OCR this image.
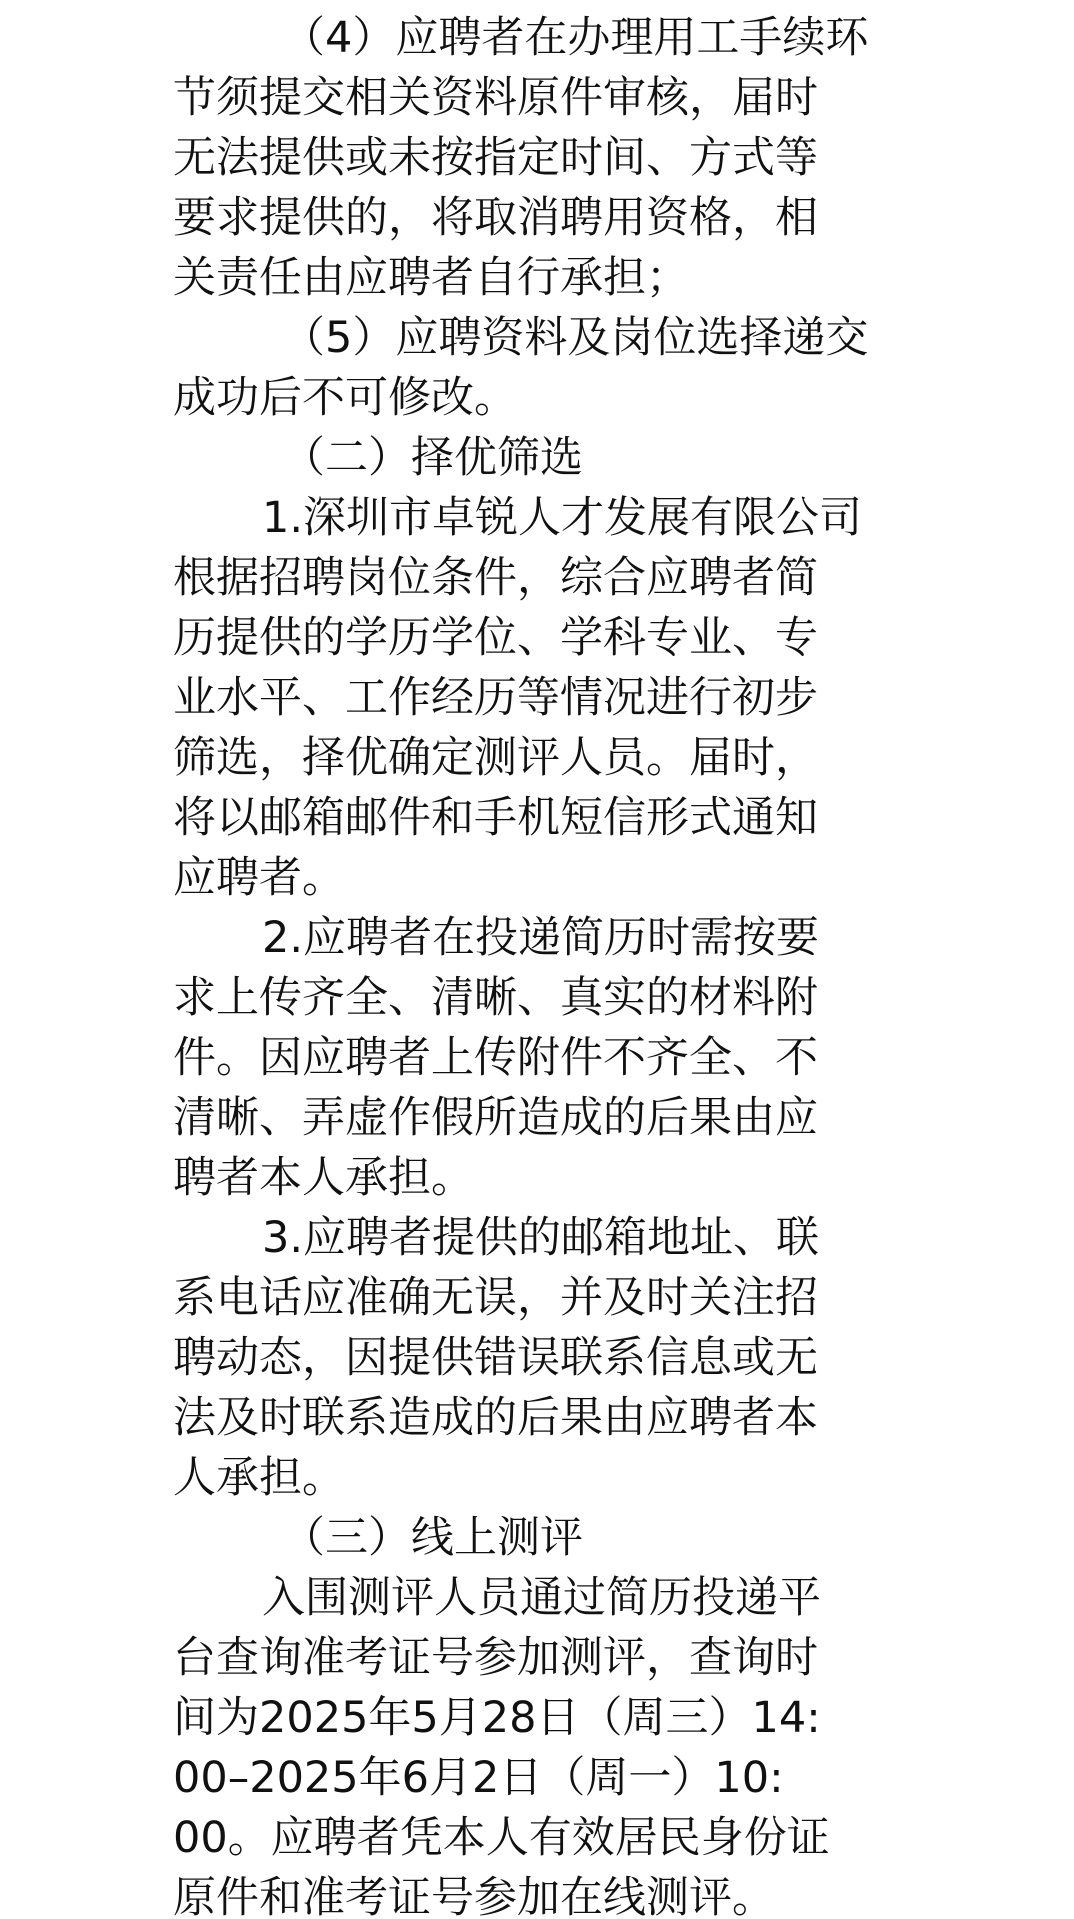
（4）应聘者在办理用工手续环
节须提交相关资料原件审核，届时
无法提供或未按指定时间、方式等
要求提供的，将取消聘用资格，相
关责任由应聘者自行承担；
（5）应聘资料及岗位选择递交
成功后不可修改。
（二）择优筛选
1.深圳市卓锐人才发展有限公司
根据招聘岗位条件，综合应聘者简
历提供的学历学位、学科专业、专
业水平、工作经历等情况进行初步
筛选，择优确定测评人员。届时，
将以邮箱邮件和手机短信形式通知
应聘者。
2.应聘者在投递简历时需按要
求上传齐全、清晰、真实的材料附
件。因应聘者上传附件不齐全、不
清晰、弄虚作假所造成的后果由应
聘者本人承担。
3.应聘者提供的邮箱地址、联
系电话应准确无误，并及时关注招
聘动态，因提供错误联系信息或无
法及时联系造成的后果由应聘者本
人承担。
（三）线上测评
入围测评人员通过简历投递平
台查询准考证号参加测评，查询时
间为2025年5月28日（周三）14:
00–2025年6月2日（周一）10:
00。应聘者凭本人有效居民身份证
原件和准考证号参加在线测评。
